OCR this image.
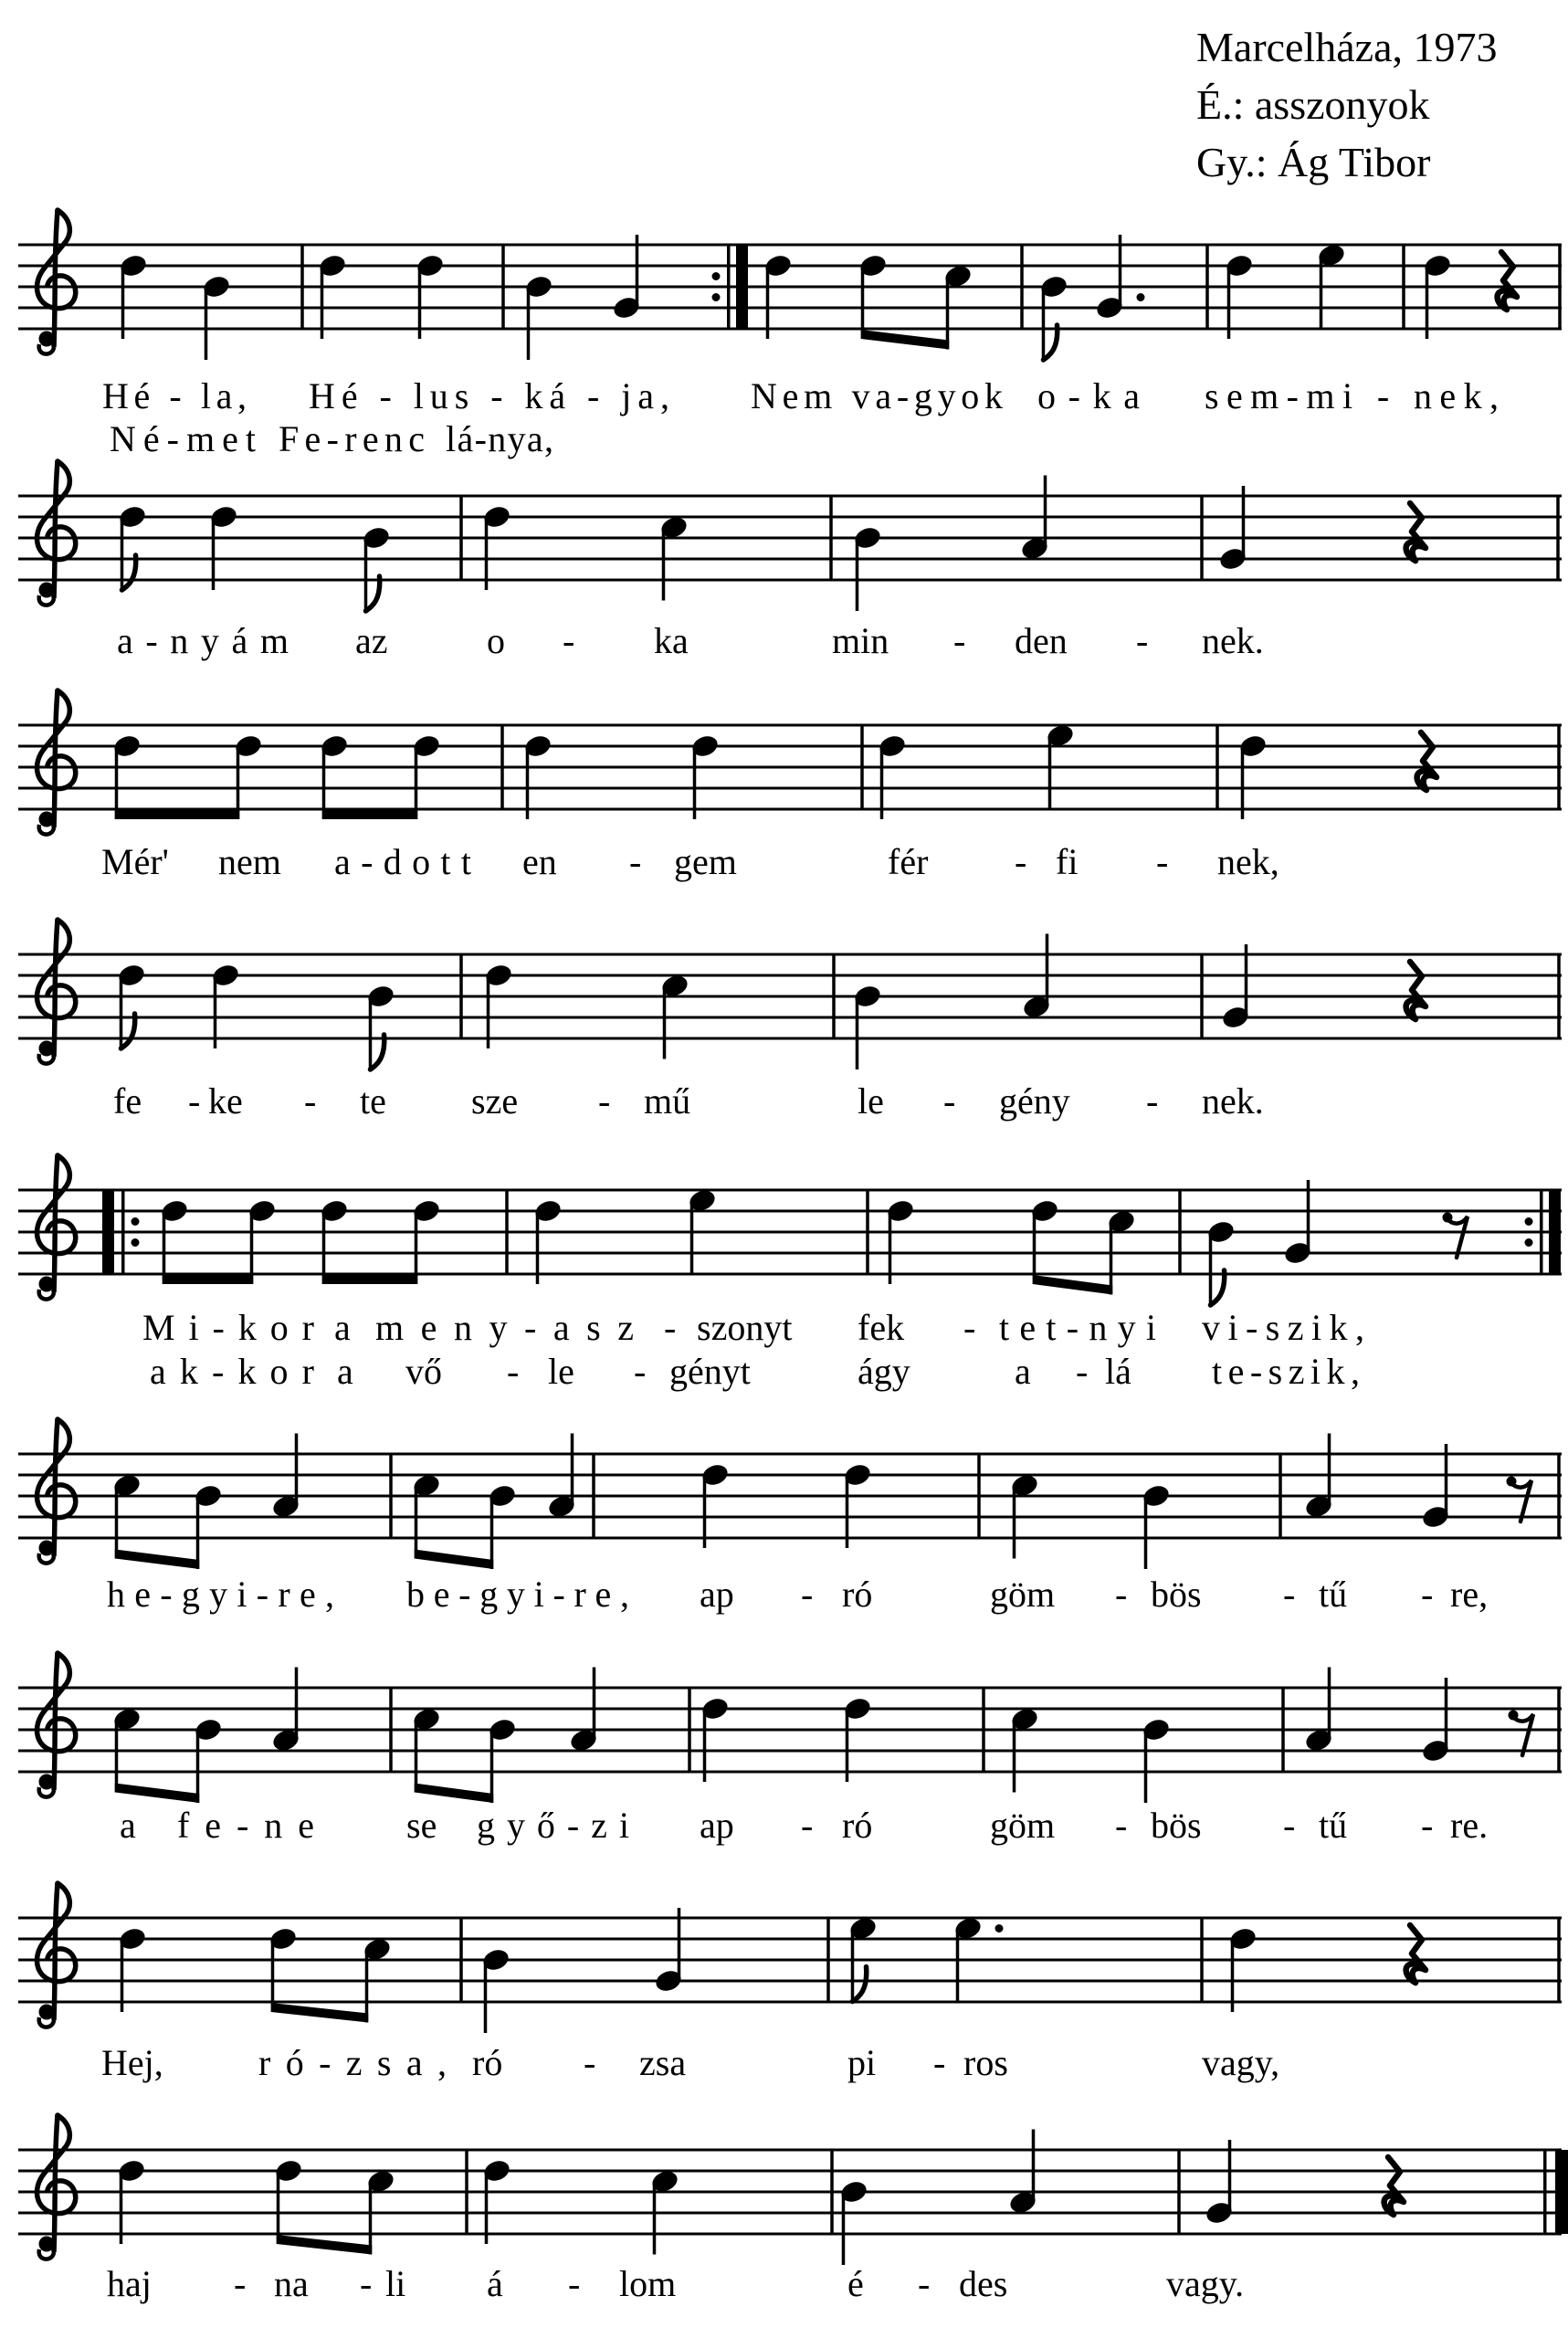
Marcelháza, 1973
É.: asszonyok
Gy.: Ág Tibor
Hé - la, Hé - lus - ká - ja, Nem va-gyok o-ka sem-mi - nek,
Né-met Fe-renc lá-nya,
a-nyám az	o - ka	min - den - nek.
Mér' nem a-dott en - gem	fér - fi - nek,
fe - ke - te sze - mű	le - gény - nek.
Mi-kor a meny-asz - szonyt fek - tet-nyi vi-szik,
ak-kor a vő - le - gényt	ágy	a - lá te-szik,
he-gyi-re, be-gyi-re, ap - ró	göm - bös - tű - re,
a fe-ne	se győ-zi ap - ró	göm - bös - tű - re.
Hej,	ró-zsa, ró - zsa	pi - ros	vagy,
haj - na - li á - lom	é - des	vagy.
